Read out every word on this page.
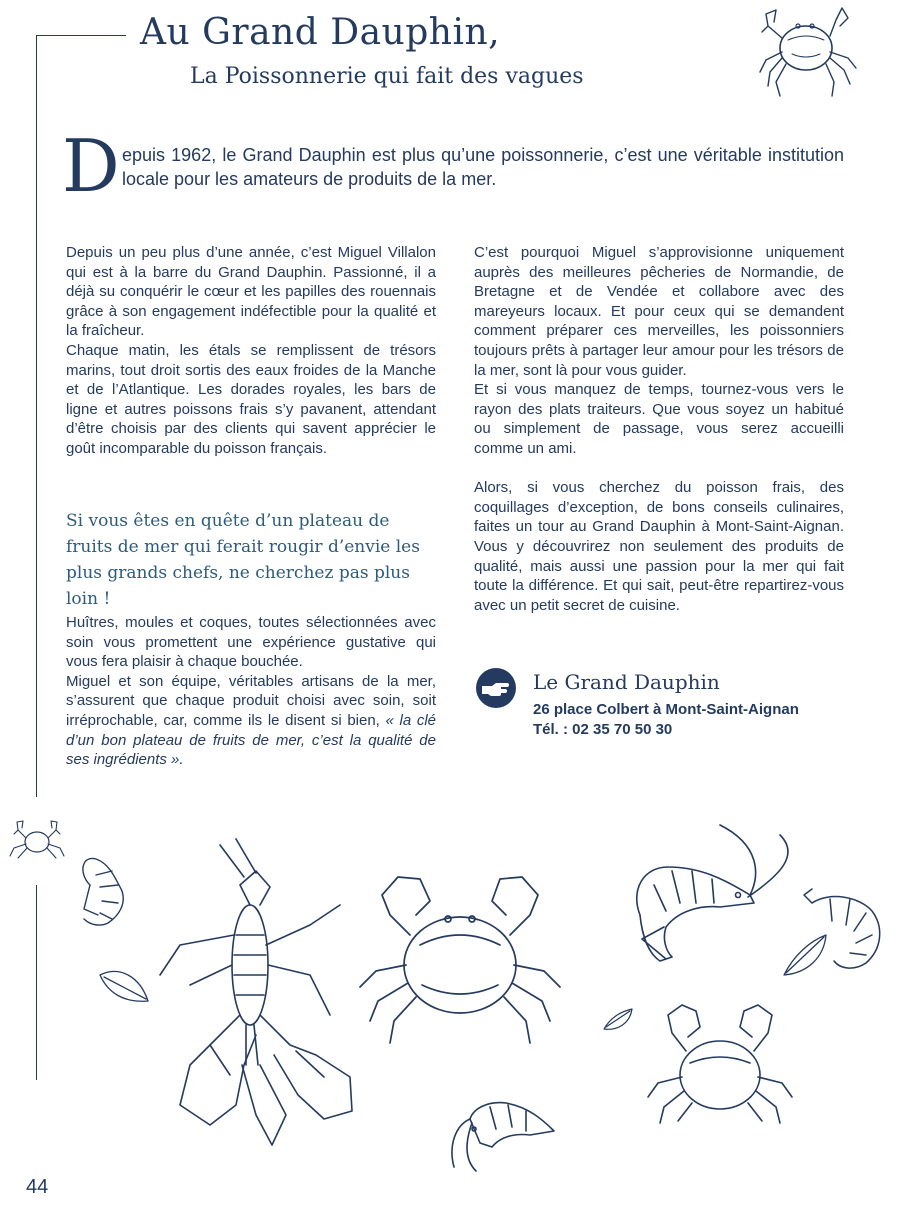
Au Grand Dauphin,
La Poissonnerie qui fait des vagues
D epuis 1962, le Grand Dauphin est plus qu’une poissonnerie, c’est une véritable institution locale pour les amateurs de produits de la mer.

Depuis un peu plus d’une année, c’est Miguel Villalon qui est à la barre du Grand Dauphin. Passionné, il a déjà su conquérir le cœur et les papilles des rouennais grâce à son engagement indéfectible pour la qualité et la fraîcheur.

Chaque matin, les étals se remplissent de trésors marins, tout droit sortis des eaux froides de la Manche et de l’Atlantique. Les dorades royales, les bars de ligne et autres poissons frais s’y pavanent, attendant d’être choisis par des clients qui savent apprécier le goût incomparable du poisson français.

Si vous êtes en quête d’un plateau de fruits de mer qui ferait rougir d’envie les plus grands chefs, ne cherchez pas plus loin !

Huîtres, moules et coques, toutes sélectionnées avec soin vous promettent une expérience gustative qui vous fera plaisir à chaque bouchée.

Miguel et son équipe, véritables artisans de la mer, s’assurent que chaque produit choisi avec soin, soit irréprochable, car, comme ils le disent si bien, « la clé d’un bon plateau de fruits de mer, c’est la qualité de ses ingrédients ».

C’est pourquoi Miguel s’approvisionne uniquement auprès des meilleures pêcheries de Normandie, de Bretagne et de Vendée et collabore avec des mareyeurs locaux. Et pour ceux qui se demandent comment préparer ces merveilles, les poissonniers toujours prêts à partager leur amour pour les trésors de la mer, sont là pour vous guider.

Et si vous manquez de temps, tournez-vous vers le rayon des plats traiteurs. Que vous soyez un habitué ou simplement de passage, vous serez accueilli comme un ami.

Alors, si vous cherchez du poisson frais, des coquillages d’exception, de bons conseils culinaires, faites un tour au Grand Dauphin à Mont-Saint-Aignan. Vous y découvrirez non seulement des produits de qualité, mais aussi une passion pour la mer qui fait toute la différence. Et qui sait, peut-être repartirez-vous avec un petit secret de cuisine.

Le Grand Dauphin
26 place Colbert à Mont-Saint-Aignan
Tél. : 02 35 70 50 30
44
